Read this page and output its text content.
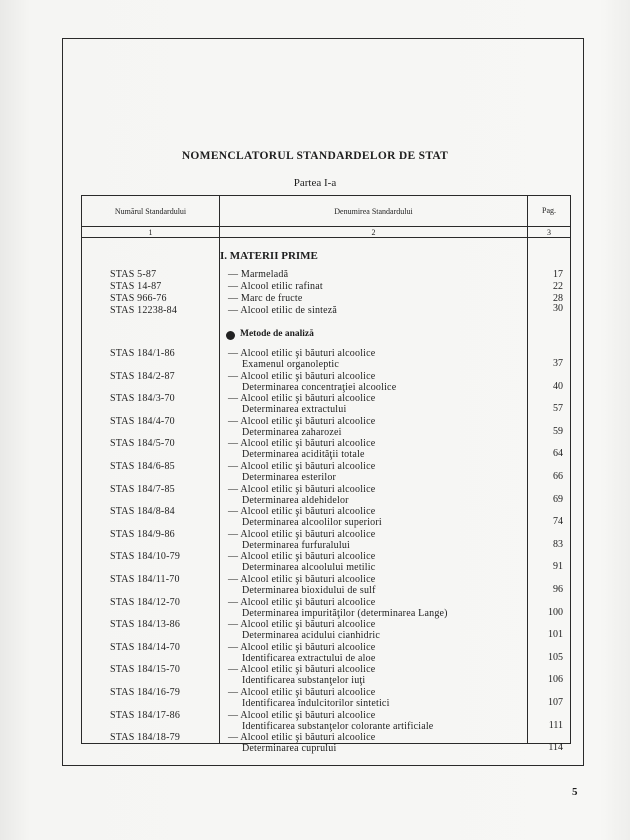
NOMENCLATORUL STANDARDELOR DE STAT
Partea I-a
Numărul Standardului	Denumirea Standardului	Pag.
1	2	3
I. MATERII PRIME
STAS 5-87	— Marmeladă	17
STAS 14-87	— Alcool etilic rafinat	22
STAS 966-76	— Marc de fructe	28
STAS 12238-84	— Alcool etilic de sinteză	30
Metode de analiză
STAS 184/1-86	— Alcool etilic şi băuturi alcoolice
Examenul organoleptic	37
STAS 184/2-87	— Alcool etilic şi băuturi alcoolice
Determinarea concentraţiei alcoolice	40
STAS 184/3-70	— Alcool etilic şi băuturi alcoolice
Determinarea extractului	57
STAS 184/4-70	— Alcool etilic şi băuturi alcoolice
Determinarea zaharozei	59
STAS 184/5-70	— Alcool etilic şi băuturi alcoolice
Determinarea acidităţii totale	64
STAS 184/6-85	— Alcool etilic şi băuturi alcoolice
Determinarea esterilor	66
STAS 184/7-85	— Alcool etilic şi băuturi alcoolice
Determinarea aldehidelor	69
STAS 184/8-84	— Alcool etilic şi băuturi alcoolice
Determinarea alcoolilor superiori	74
STAS 184/9-86	— Alcool etilic şi băuturi alcoolice
Determinarea furfuralului	83
STAS 184/10-79	— Alcool etilic şi băuturi alcoolice
Determinarea alcoolului metilic	91
STAS 184/11-70	— Alcool etilic şi băuturi alcoolice
Determinarea bioxidului de sulf	96
STAS 184/12-70	— Alcool etilic şi băuturi alcoolice
Determinarea impurităţilor (determinarea Lange)	100
STAS 184/13-86	— Alcool etilic şi băuturi alcoolice
Determinarea acidului cianhidric	101
STAS 184/14-70	— Alcool etilic şi băuturi alcoolice
Identificarea extractului de aloe	105
STAS 184/15-70	— Alcool etilic şi băuturi alcoolice
Identificarea substanţelor iuţi	106
STAS 184/16-79	— Alcool etilic şi băuturi alcoolice
Identificarea îndulcitorilor sintetici	107
STAS 184/17-86	— Alcool etilic şi băuturi alcoolice
Identificarea substanţelor colorante artificiale	111
STAS 184/18-79	— Alcool etilic şi băuturi alcoolice
Determinarea cuprului	114
5
